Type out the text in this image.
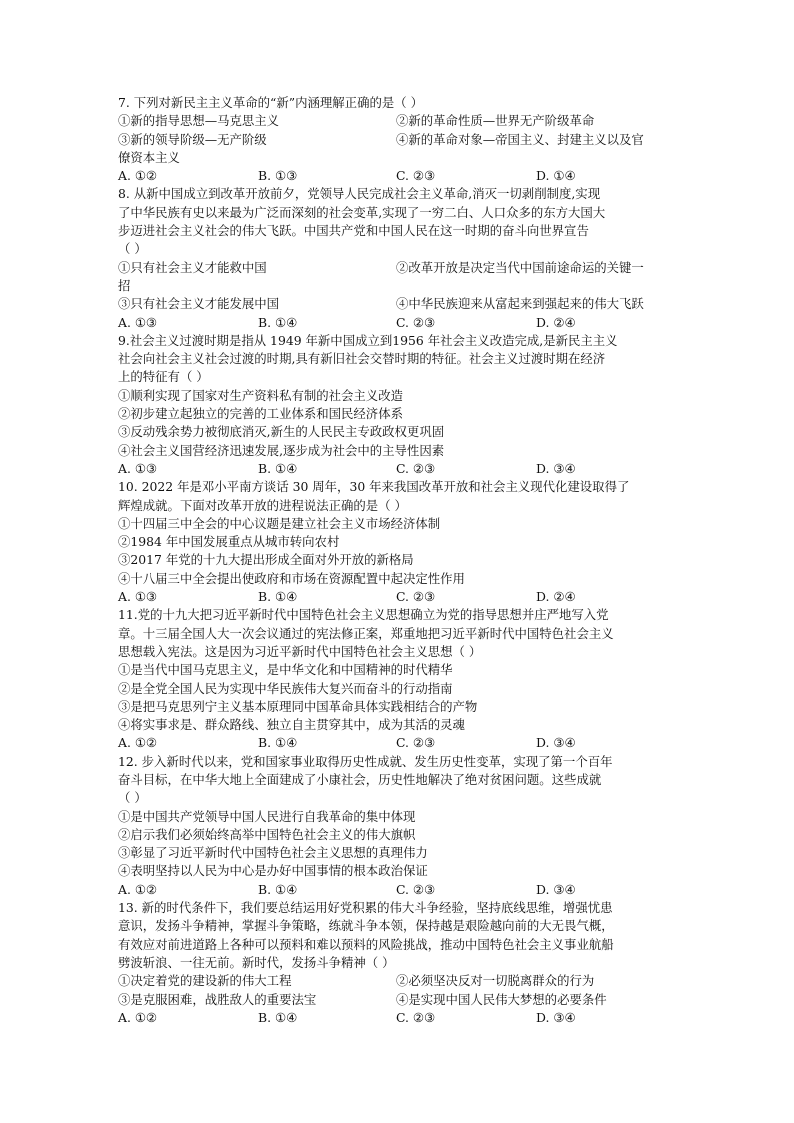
7. 下列对新民主主义革命的“新”内涵理解正确的是（ ）
①新的指导思想—马克思主义	②新的革命性质—世界无产阶级革命
③新的领导阶级—无产阶级	④新的革命对象—帝国主义、封建主义以及官
僚资本主义
A. ①②	B. ①③	C. ②③	D. ①④
8. 从新中国成立到改革开放前夕，党领导人民完成社会主义革命,消灭一切剥削制度,实现
了中华民族有史以来最为广泛而深刻的社会变革,实现了一穷二白、人口众多的东方大国大
步迈进社会主义社会的伟大飞跃。中国共产党和中国人民在这一时期的奋斗向世界宣告
（ ）
①只有社会主义才能救中国	②改革开放是决定当代中国前途命运的关键一
招
③只有社会主义才能发展中国	④中华民族迎来从富起来到强起来的伟大飞跃
A. ①③	B. ①④	C. ②③	D. ②④
9.社会主义过渡时期是指从 1949 年新中国成立到1956 年社会主义改造完成,是新民主主义
社会向社会主义社会过渡的时期,具有新旧社会交替时期的特征。社会主义过渡时期在经济
上的特征有（ ）
①顺利实现了国家对生产资料私有制的社会主义改造
②初步建立起独立的完善的工业体系和国民经济体系
③反动残余势力被彻底消灭,新生的人民民主专政政权更巩固
④社会主义国营经济迅速发展,逐步成为社会中的主导性因素
A. ①③	B. ①④	C. ②③	D. ③④
10. 2022 年是邓小平南方谈话 30 周年，30 年来我国改革开放和社会主义现代化建设取得了
辉煌成就。下面对改革开放的进程说法正确的是（ ）
①十四届三中全会的中心议题是建立社会主义市场经济体制
②1984 年中国发展重点从城市转向农村
③2017 年党的十九大提出形成全面对外开放的新格局
④十八届三中全会提出使政府和市场在资源配置中起决定性作用
A. ①③	B. ①④	C. ②③	D. ②④
11.党的十九大把习近平新时代中国特色社会主义思想确立为党的指导思想并庄严地写入党
章。十三届全国人大一次会议通过的宪法修正案，郑重地把习近平新时代中国特色社会主义
思想载入宪法。这是因为习近平新时代中国特色社会主义思想（ ）
①是当代中国马克思主义，是中华文化和中国精神的时代精华
②是全党全国人民为实现中华民族伟大复兴而奋斗的行动指南
③是把马克思列宁主义基本原理同中国革命具体实践相结合的产物
④将实事求是、群众路线、独立自主贯穿其中，成为其活的灵魂
A. ①②	B. ①④	C. ②③	D. ③④
12. 步入新时代以来，党和国家事业取得历史性成就、发生历史性变革，实现了第一个百年
奋斗目标，在中华大地上全面建成了小康社会，历史性地解决了绝对贫困问题。这些成就
（ ）
①是中国共产党领导中国人民进行自我革命的集中体现
②启示我们必须始终高举中国特色社会主义的伟大旗帜
③彰显了习近平新时代中国特色社会主义思想的真理伟力
④表明坚持以人民为中心是办好中国事情的根本政治保证
A. ①②	B. ①④	C. ②③	D. ③④
13. 新的时代条件下，我们要总结运用好党积累的伟大斗争经验，坚持底线思维，增强忧患
意识，发扬斗争精神，掌握斗争策略，练就斗争本领，保持越是艰险越向前的大无畏气概，
有效应对前进道路上各种可以预料和难以预料的风险挑战，推动中国特色社会主义事业航船
劈波斩浪、一往无前。新时代，发扬斗争精神（ ）
①决定着党的建设新的伟大工程	②必须坚决反对一切脱离群众的行为
③是克服困难，战胜敌人的重要法宝	④是实现中国人民伟大梦想的必要条件
A. ①②	B. ①④	C. ②③	D. ③④
